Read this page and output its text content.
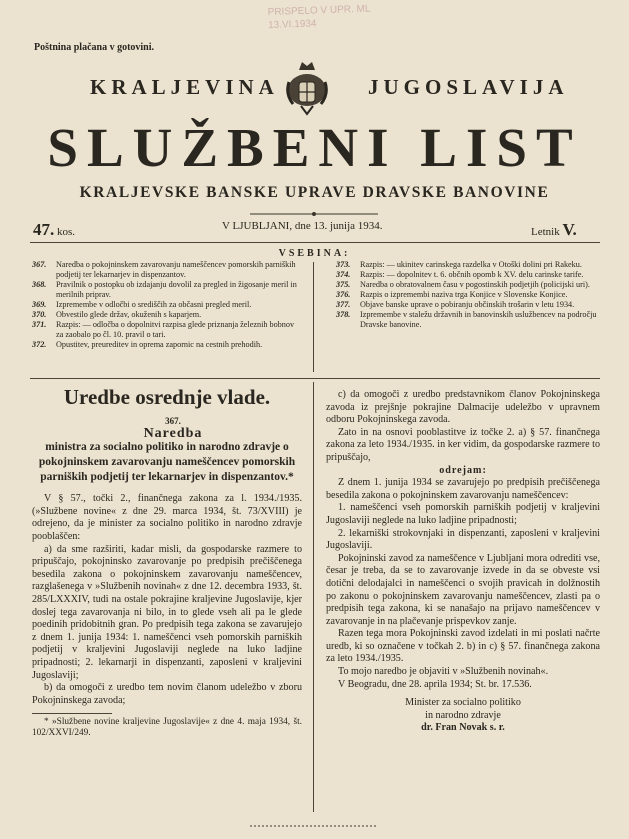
PRISPELO V UPR. ML
13.VI.1934
Poštnina plačana v gotovini.
KRALJEVINA	JUGOSLAVIJA
SLUŽBENI LIST
KRALJEVSKE BANSKE UPRAVE DRAVSKE BANOVINE
47. kos.	V LJUBLJANI, dne 13. junija 1934.	Letnik V.
VSEBINA:
367.	Naredba o pokojninskem zavarovanju nameščencev pomorskih parniških podjetij ter lekarnarjev in dispenzantov.
368.	Pravilnik o postopku ob izdajanju dovolil za pregled in žigosanje meril in merilnih priprav.
369.	Izpremembe v odločbi o središčih za občasni pregled meril.
370.	Obvestilo glede držav, okuženih s kaparjem.
371.	Razpis: — odločba o dopolnitvi razpisa glede priznanja železnih bobnov za zaobalo po čl. 10. pravil o tari.
372.	Opustitev, preureditev in oprema zapornic na cestnih prehodih.
373.	Razpis: — ukinitev carinskega razdelka v Otoški dolini pri Rakeku.
374.	Razpis: — dopolnitev t. 6. občnih opomb k XV. delu carinske tarife.
375.	Naredba o obratovalnem času v pogostinskih podjetjih (policijski uri).
376.	Razpis o izpremembi naziva trga Konjice v Slovenske Konjice.
377.	Objave banske uprave o pobiranju občinskih trošarin v letu 1934.
378.	Izpremembe v staležu državnih in banovinskih uslužbencev na področju Dravske banovine.
Uredbe osrednje vlade.

367.

Naredba

ministra za socialno politiko in narodno zdravje o pokojninskem zavarovanju nameščencev pomorskih parniških podjetij ter lekarnarjev in dispenzantov.*

V § 57., točki 2., finančnega zakona za l. 1934./1935. (»Službene novine« z dne 29. marca 1934, št. 73/XVIII) je odrejeno, da je minister za socialno politiko in narodno zdravje pooblaščen:

a) da sme razširiti, kadar misli, da gospodarske razmere to pripuščajo, pokojninsko zavarovanje po predpisih prečiščenega besedila zakona o pokojninskem zavarovanju nameščencev, razglašenega v »Službenih novinah« z dne 12. decembra 1933, št. 285/LXXXIV, tudi na ostale pokrajine kraljevine Jugoslavije, kjer doslej tega zavarovanja ni bilo, in to glede vseh ali pa le glede poedinih pridobitnih gran. Po predpisih tega zakona se zavarujejo z dnem 1. junija 1934: 1. nameščenci vseh pomorskih parniških podjetij v kraljevini Jugoslaviji neglede na luko ladjine pripadnosti; 2. lekarnarji in dispenzanti, zaposleni v kraljevini Jugoslaviji;

b) da omogoči z uredbo tem novim članom udeležbo v zboru Pokojninskega zavoda;

* »Službene novine kraljevine Jugoslavije« z dne 4. maja 1934, št. 102/XXVI/249.

c) da omogoči z uredbo predstavnikom članov Pokojninskega zavoda iz prejšnje pokrajine Dalmacije udeležbo v upravnem odboru Pokojninskega zavoda.

Zato in na osnovi pooblastitve iz točke 2. a) § 57. finančnega zakona za leto 1934./1935. in ker vidim, da gospodarske razmere to pripuščajo,

odrejam:

Z dnem 1. junija 1934 se zavarujejo po predpisih prečiščenega besedila zakona o pokojninskem zavarovanju nameščencev:

1. nameščenci vseh pomorskih parniških podjetij v kraljevini Jugoslaviji neglede na luko ladjine pripadnosti;

2. lekarniški strokovnjaki in dispenzanti, zaposleni v kraljevini Jugoslaviji.

Pokojninski zavod za nameščence v Ljubljani mora odrediti vse, česar je treba, da se to zavarovanje izvede in da se obveste vsi dotični delodajalci in nameščenci o svojih pravicah in dolžnostih po zakonu o pokojninskem zavarovanju nameščencev, zlasti pa o predpisih tega zakona, ki se nanašajo na prijavo nameščencev v zavarovanje in na plačevanje prispevkov zanje.

Razen tega mora Pokojninski zavod izdelati in mi poslati načrte uredb, ki so označene v točkah 2. b) in c) § 57. finančnega zakona za leto 1934./1935.

To mojo naredbo je objaviti v »Službenih novinah«.

V Beogradu, dne 28. aprila 1934; St. br. 17.536.

Minister za socialno politiko

in narodno zdravje

dr. Fran Novak s. r.
